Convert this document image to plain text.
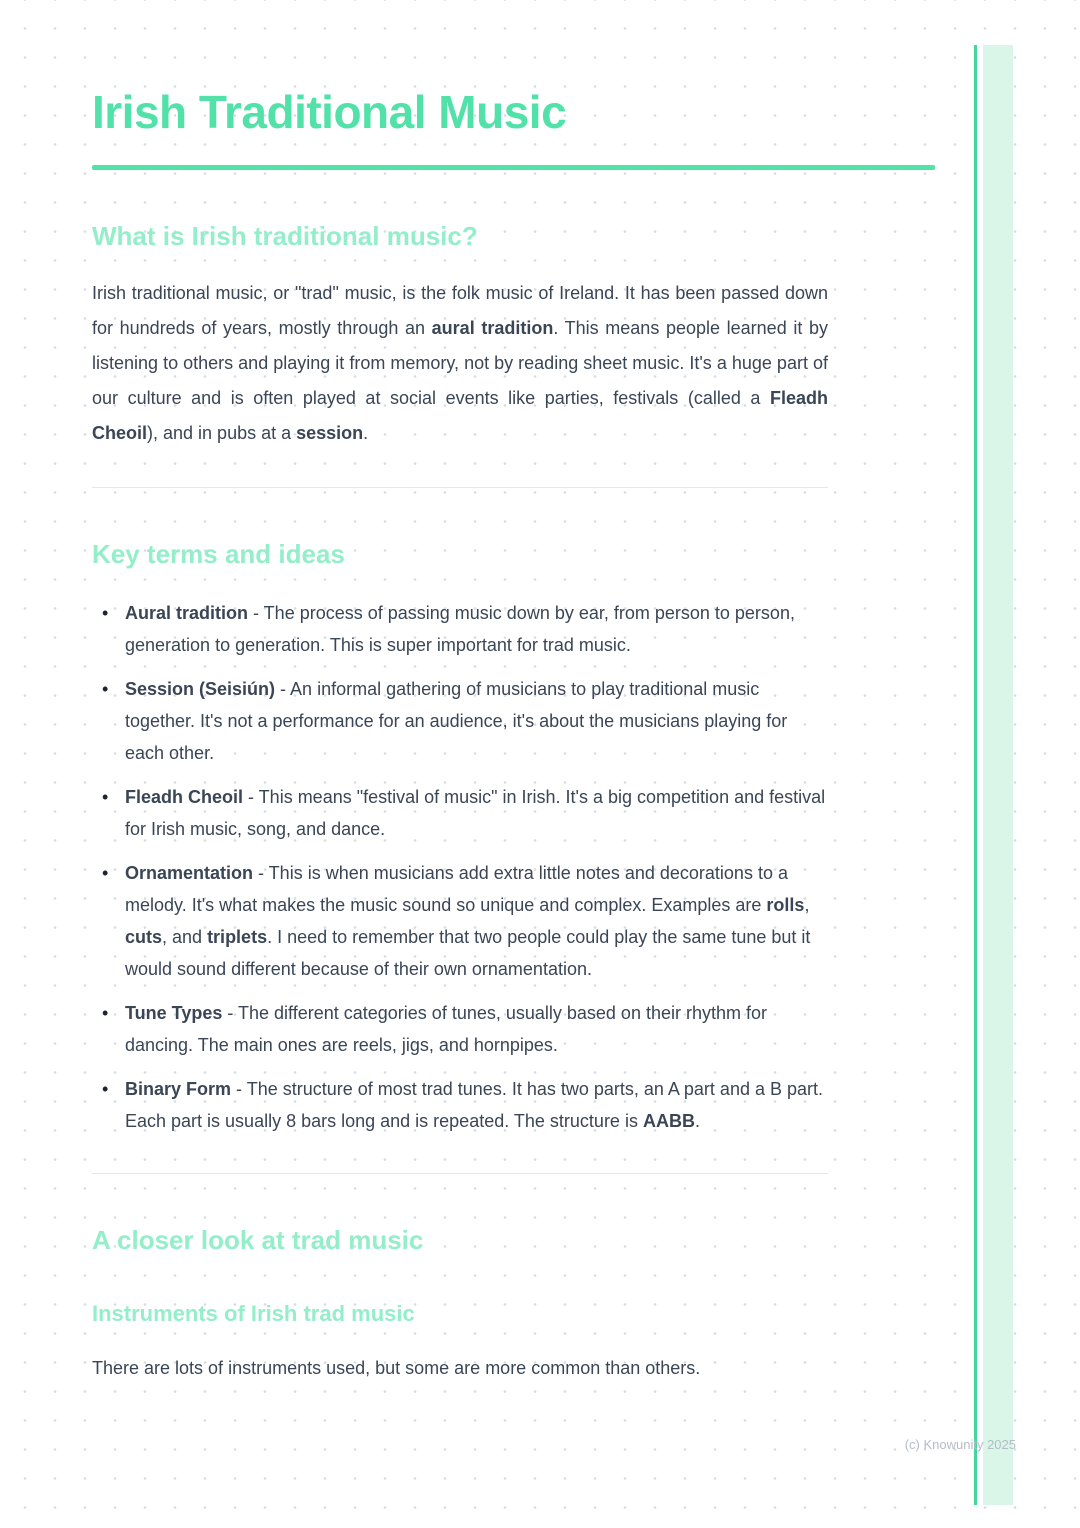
Irish Traditional Music
What is Irish traditional music?

Irish traditional music, or "trad" music, is the folk music of Ireland. It has been passed down for hundreds of years, mostly through an aural tradition. This means people learned it by listening to others and playing it from memory, not by reading sheet music. It's a huge part of our culture and is often played at social events like parties, festivals (called a Fleadh Cheoil), and in pubs at a session.

Key terms and ideas
• Aural tradition - The process of passing music down by ear, from person to person, generation to generation. This is super important for trad music.
• Session (Seisiún) - An informal gathering of musicians to play traditional music together. It's not a performance for an audience, it's about the musicians playing for each other.
• Fleadh Cheoil - This means "festival of music" in Irish. It's a big competition and festival for Irish music, song, and dance.
• Ornamentation - This is when musicians add extra little notes and decorations to a melody. It's what makes the music sound so unique and complex. Examples are rolls, cuts, and triplets. I need to remember that two people could play the same tune but it would sound different because of their own ornamentation.
• Tune Types - The different categories of tunes, usually based on their rhythm for dancing. The main ones are reels, jigs, and hornpipes.
• Binary Form - The structure of most trad tunes. It has two parts, an A part and a B part. Each part is usually 8 bars long and is repeated. The structure is AABB.
A closer look at trad music
Instruments of Irish trad music

There are lots of instruments used, but some are more common than others.

(c) Knowunity 2025
